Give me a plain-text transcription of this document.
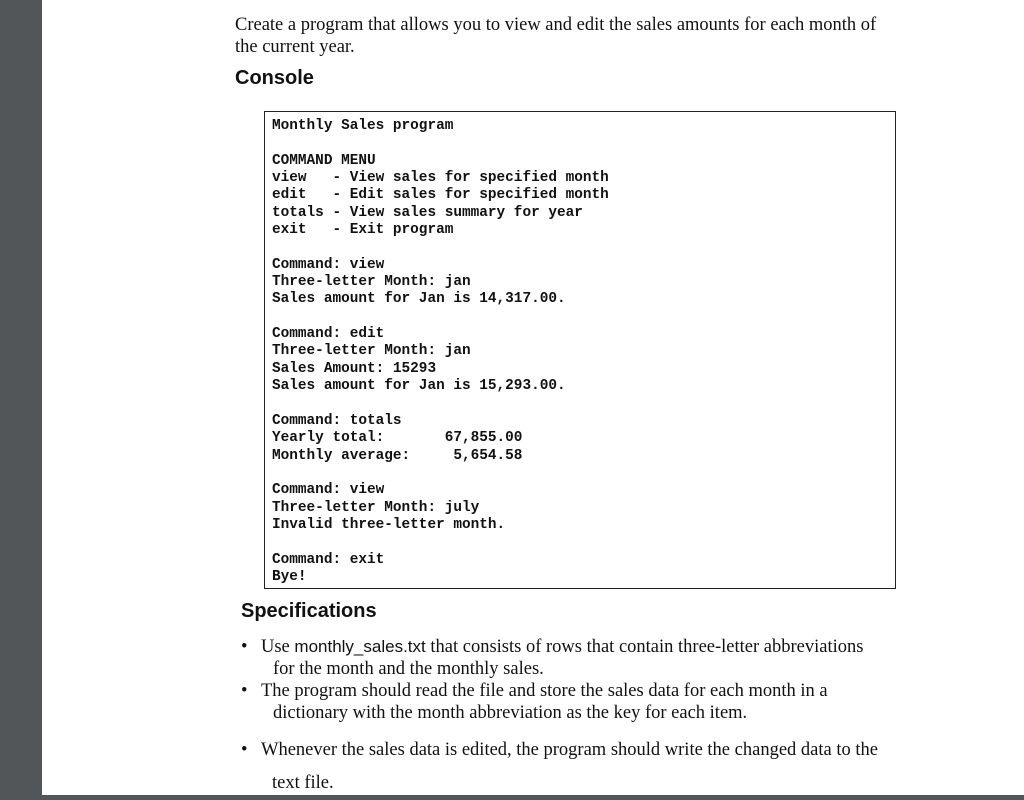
Create a program that allows you to view and edit the sales amounts for each month of
the current year.
Console
Monthly Sales program

COMMAND MENU
view   - View sales for specified month
edit   - Edit sales for specified month
totals - View sales summary for year
exit   - Exit program

Command: view
Three-letter Month: jan
Sales amount for Jan is 14,317.00.

Command: edit
Three-letter Month: jan
Sales Amount: 15293
Sales amount for Jan is 15,293.00.

Command: totals
Yearly total:       67,855.00
Monthly average:     5,654.58

Command: view
Three-letter Month: july
Invalid three-letter month.

Command: exit
Bye!
Specifications
• Use monthly_sales.txt that consists of rows that contain three-letter abbreviations
for the month and the monthly sales.
• The program should read the file and store the sales data for each month in a
dictionary with the month abbreviation as the key for each item.
• Whenever the sales data is edited, the program should write the changed data to the
text file.
